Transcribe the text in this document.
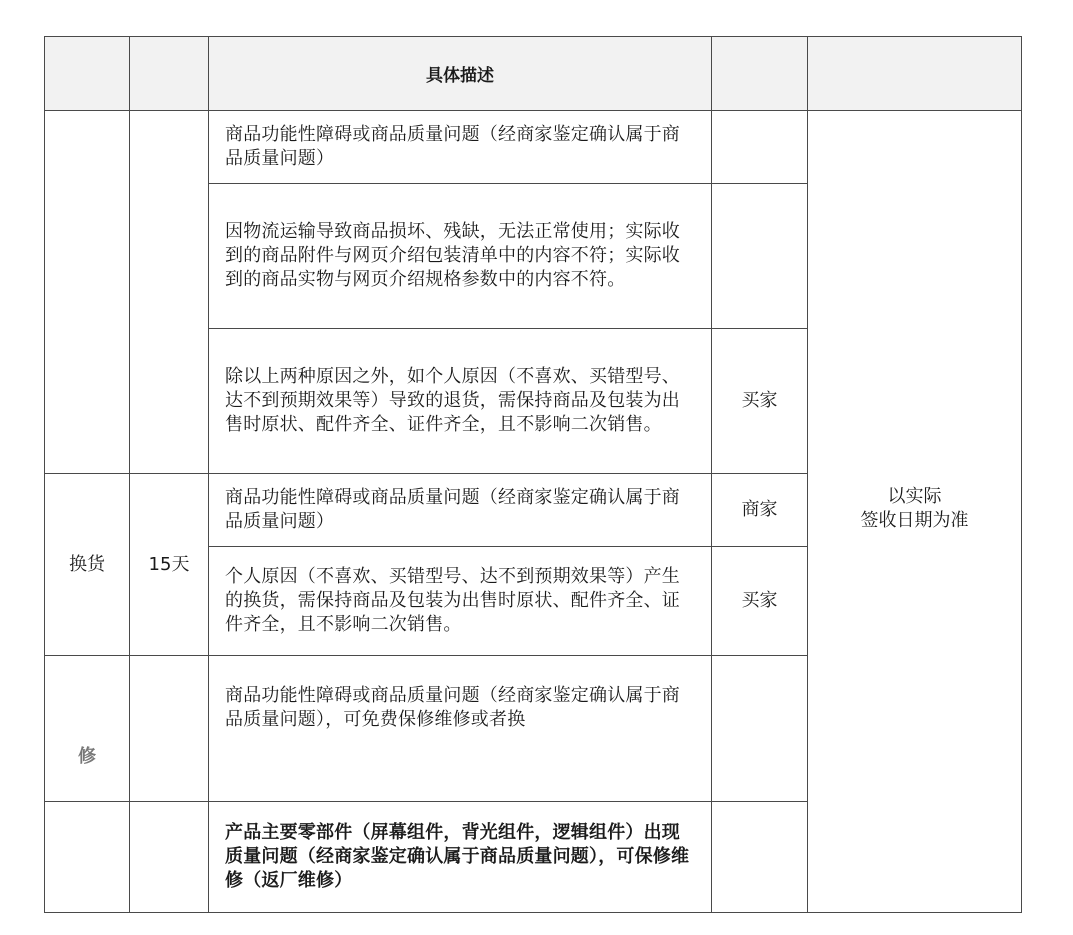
		具体描述		
		商品功能性障碍或商品质量问题（经商家鉴定确认属于商品质量问题）		以实际
签收日期为准
		因物流运输导致商品损坏、残缺，无法正常使用；实际收到的商品附件与网页介绍包装清单中的内容不符；实际收到的商品实物与网页介绍规格参数中的内容不符。		
		除以上两种原因之外，如个人原因（不喜欢、买错型号、达不到预期效果等）导致的退货，需保持商品及包装为出售时原状、配件齐全、证件齐全，且不影响二次销售。	买家	
换货	15天	商品功能性障碍或商品质量问题（经商家鉴定确认属于商品质量问题）	商家	
		个人原因（不喜欢、买错型号、达不到预期效果等）产生的换货，需保持商品及包装为出售时原状、配件齐全、证件齐全，且不影响二次销售。	买家	
修		商品功能性障碍或商品质量问题（经商家鉴定确认属于商品质量问题），可免费保修维修或者换		
		产品主要零部件（屏幕组件，背光组件，逻辑组件）出现质量问题（经商家鉴定确认属于商品质量问题），可保修维修（返厂维修）		
